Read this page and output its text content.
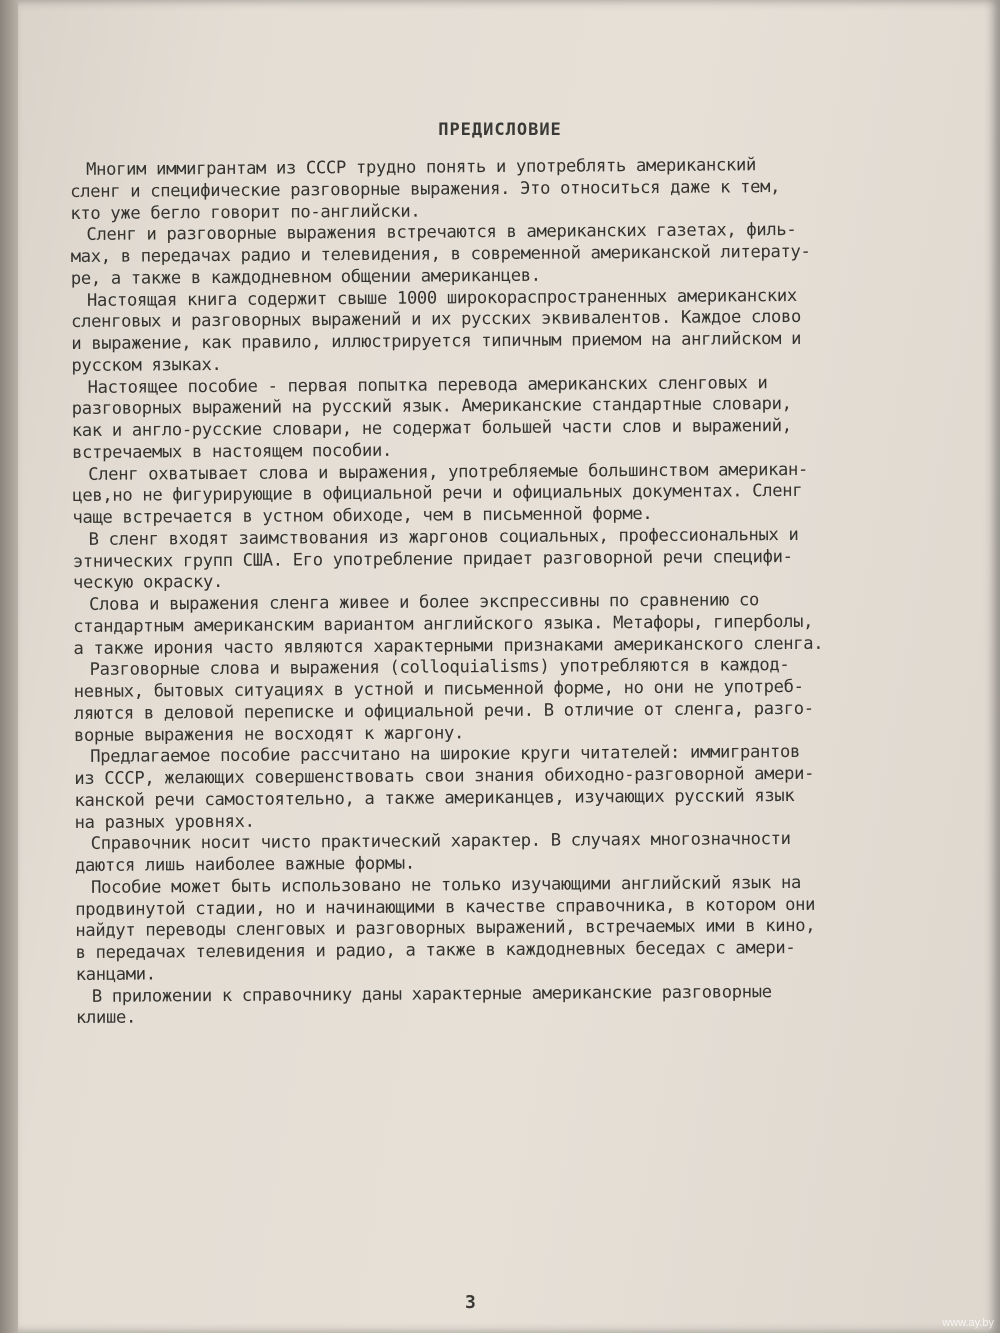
ПРЕДИСЛОВИЕ

Многим иммигрантам из СССР трудно понять и употреблять американский
сленг и специфические разговорные выражения. Это относиться даже к тем,
кто уже бегло говорит по-английски.

Сленг и разговорные выражения встречаются в американских газетах, филь-
мах, в передачах радио и телевидения, в современной американской литерату-
ре, а также в каждодневном общении американцев.

Настоящая книга содержит свыше 1000 широкораспространенных американских
сленговых и разговорных выражений и их русских эквивалентов. Каждое слово
и выражение, как правило, иллюстрируется типичным приемом на английском и
русском языках.

Настоящее пособие - первая попытка перевода американских сленговых и
разговорных выражений на русский язык. Американские стандартные словари,
как и англо-русские словари, не содержат большей части слов и выражений,
встречаемых в настоящем пособии.

Сленг охватывает слова и выражения, употребляемые большинством американ-
цев,но не фигурирующие в официальной речи и официальных документах. Сленг
чаще встречается в устном обиходе, чем в письменной форме.

В сленг входят заимствования из жаргонов социальных, профессиональных и
этнических групп США. Его употребление придает разговорной речи специфи-
ческую окраску.

Слова и выражения сленга живее и более экспрессивны по сравнению со
стандартным американским вариантом английского языка. Метафоры, гиперболы,
а также ирония часто являются характерными признаками американского сленга.

Разговорные слова и выражения (colloquialisms) употребляются в каждод-
невных, бытовых ситуациях в устной и письменной форме, но они не употреб-
ляются в деловой переписке и официальной речи. В отличие от сленга, разго-
ворные выражения не восходят к жаргону.

Предлагаемое пособие рассчитано на широкие круги читателей: иммигрантов
из СССР, желающих совершенствовать свои знания обиходно-разговорной амери-
канской речи самостоятельно, а также американцев, изучающих русский язык
на разных уровнях.

Справочник носит чисто практический характер. В случаях многозначности
даются лишь наиболее важные формы.

Пособие может быть использовано не только изучающими английский язык на
продвинутой стадии, но и начинающими в качестве справочника, в котором они
найдут переводы сленговых и разговорных выражений, встречаемых ими в кино,
в передачах телевидения и радио, а также в каждодневных беседах с амери-
канцами.

В приложении к справочнику даны характерные американские разговорные
клише.

3
www.ay.by
